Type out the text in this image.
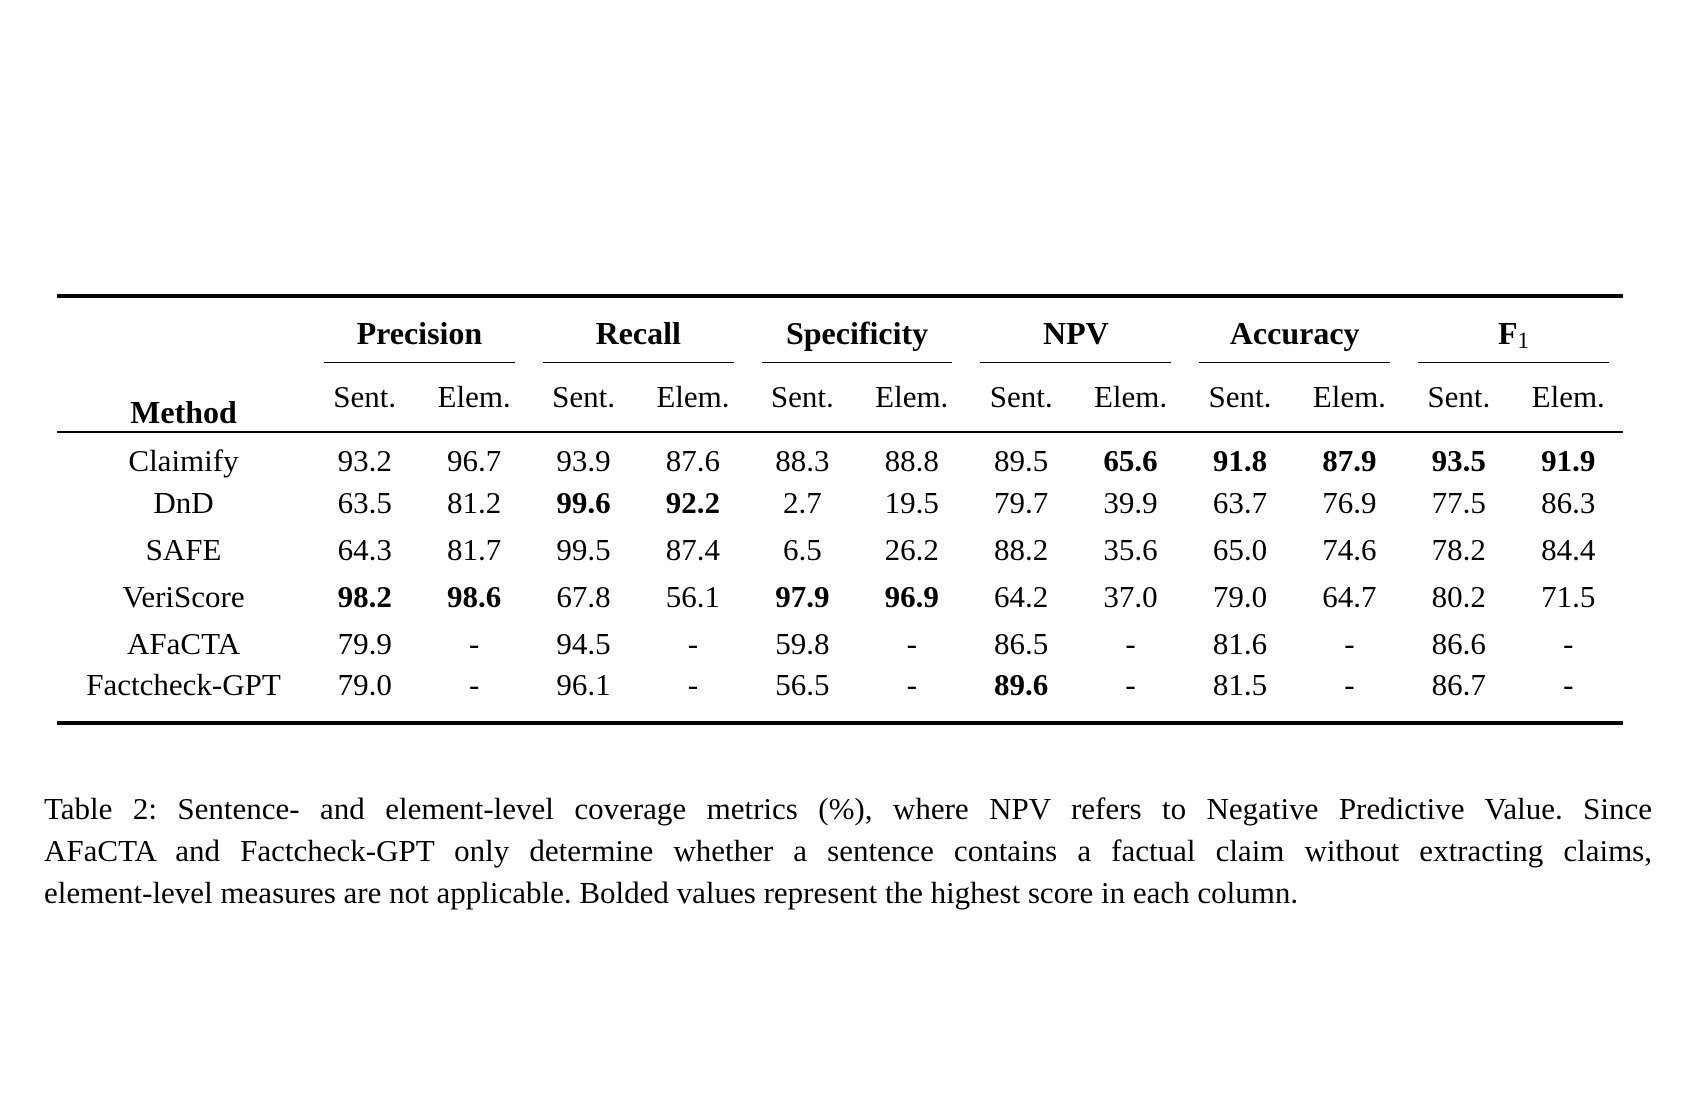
Method	Precision		Recall		Specificity		NPV		Accuracy		$F_1$

	Sent.	Elem.	Sent.	Elem.	Sent.	Elem.	Sent.	Elem.	Sent.	Elem.	Sent.	Elem.
Claimify	93.2	96.7	93.9	87.6	88.3	88.8	89.5	65.6	91.8	87.9	93.5	91.9
DnD	63.5	81.2	99.6	92.2	2.7	19.5	79.7	39.9	63.7	76.9	77.5	86.3
SAFE	64.3	81.7	99.5	87.4	6.5	26.2	88.2	35.6	65.0	74.6	78.2	84.4
VeriScore	98.2	98.6	67.8	56.1	97.9	96.9	64.2	37.0	79.0	64.7	80.2	71.5
AFaCTA	79.9	-	94.5	-	59.8	-	86.5	-	81.6	-	86.6	-
Factcheck-GPT	79.0	-	96.1	-	56.5	-	89.6	-	81.5	-	86.7	-
Table 2: Sentence- and element-level coverage metrics (%), where NPV refers to Negative Predictive Value. Since
AFaCTA and Factcheck-GPT only determine whether a sentence contains a factual claim without extracting claims,
element-level measures are not applicable. Bolded values represent the highest score in each column.
